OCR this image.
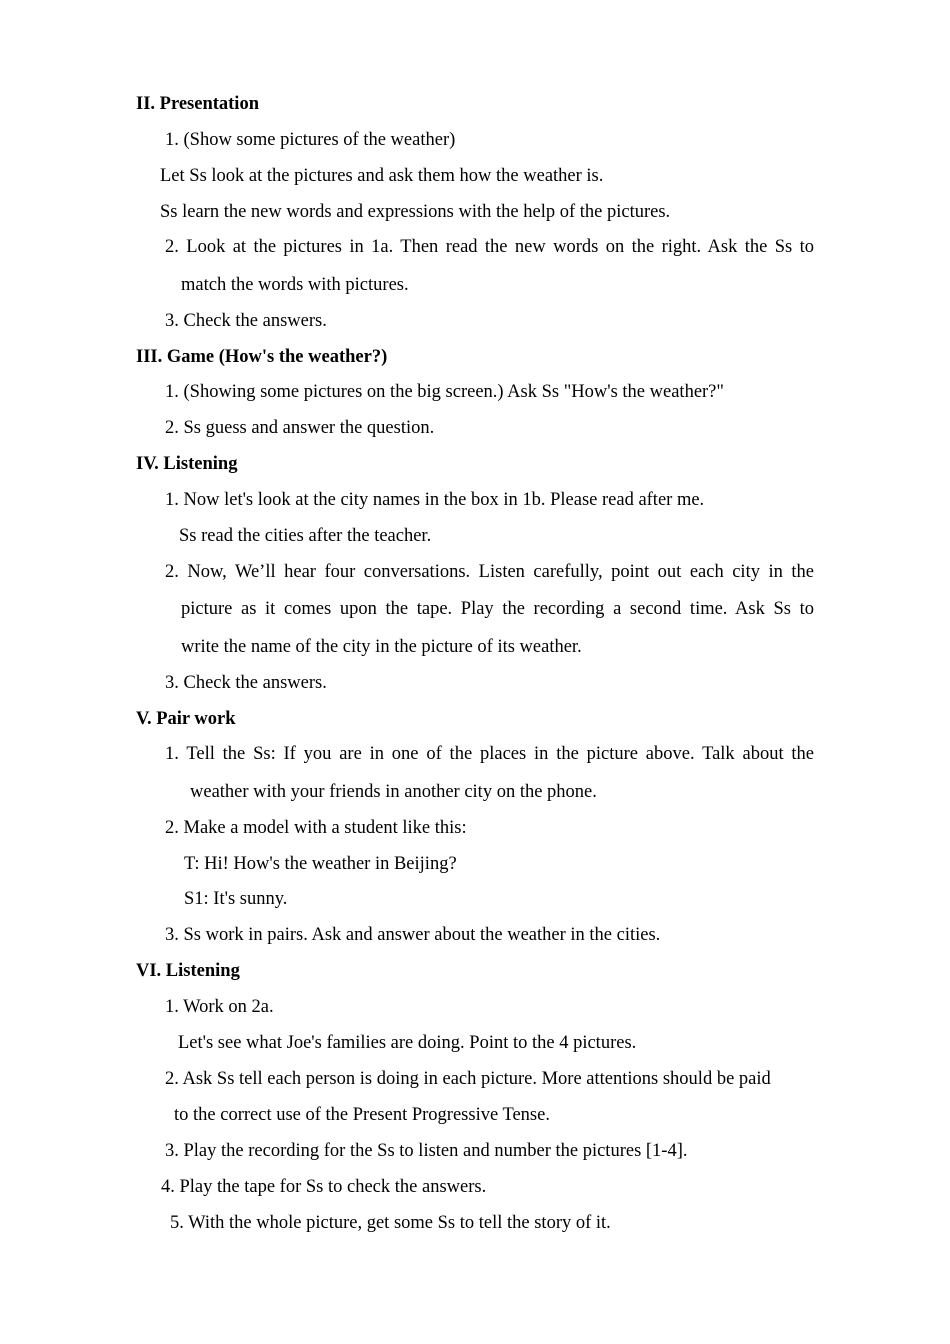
II. Presentation
1. (Show some pictures of the weather)
Let Ss look at the pictures and ask them how the weather is.
Ss learn the new words and expressions with the help of the pictures.
2. Look at the pictures in 1a. Then read the new words on the right. Ask the Ss to
match the words with pictures.
3. Check the answers.
III. Game (How's the weather?)
1. (Showing some pictures on the big screen.) Ask Ss "How's the weather?"
2. Ss guess and answer the question.
IV. Listening
1. Now let's look at the city names in the box in 1b. Please read after me.
Ss read the cities after the teacher.
2. Now, We’ll hear four conversations. Listen carefully, point out each city in the
picture as it comes upon the tape. Play the recording a second time. Ask Ss to
write the name of the city in the picture of its weather.
3. Check the answers.
V. Pair work
1. Tell the Ss: If you are in one of the places in the picture above. Talk about the
weather with your friends in another city on the phone.
2. Make a model with a student like this:
T: Hi! How's the weather in Beijing?
S1: It's sunny.
3. Ss work in pairs. Ask and answer about the weather in the cities.
VI. Listening
1. Work on 2a.
Let's see what Joe's families are doing. Point to the 4 pictures.
2. Ask Ss tell each person is doing in each picture. More attentions should be paid
to the correct use of the Present Progressive Tense.
3. Play the recording for the Ss to listen and number the pictures [1-4].
4. Play the tape for Ss to check the answers.
5. With the whole picture, get some Ss to tell the story of it.
